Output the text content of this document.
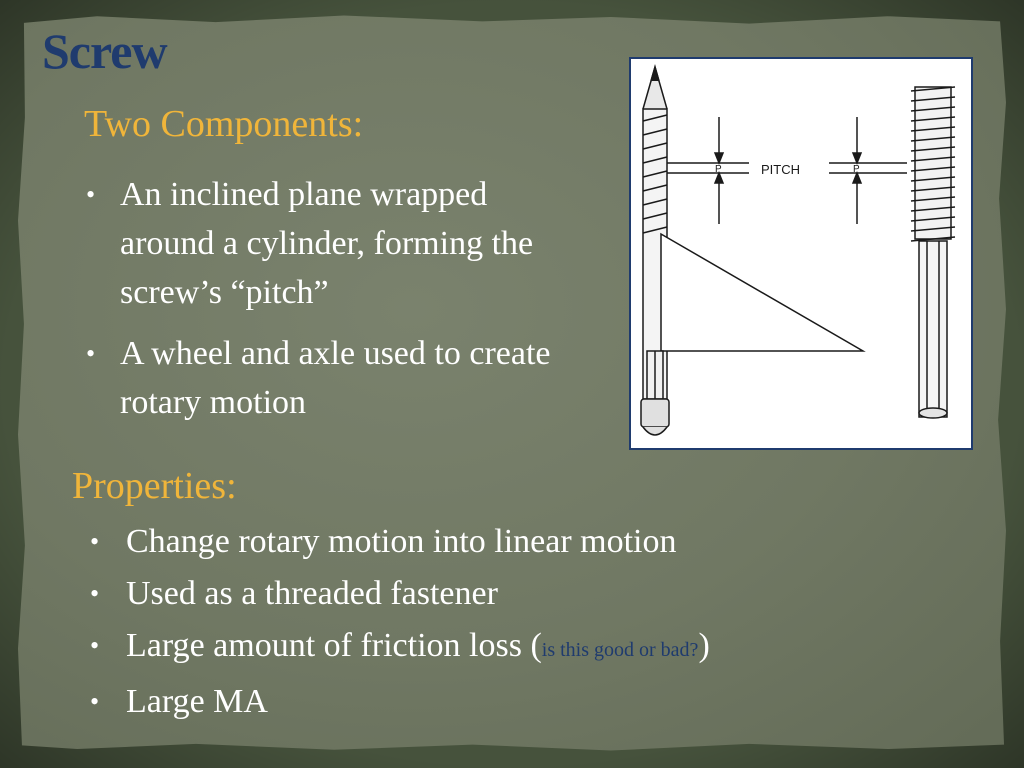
Screw
Two Components:
• An inclined plane wrapped around a cylinder, forming the screw’s “pitch”
• A wheel and axle used to create rotary motion
P	PITCH	P
Properties:
• Change rotary motion into linear motion
• Used as a threaded fastener
• Large amount of friction loss (is this good or bad?)
• Large MA
